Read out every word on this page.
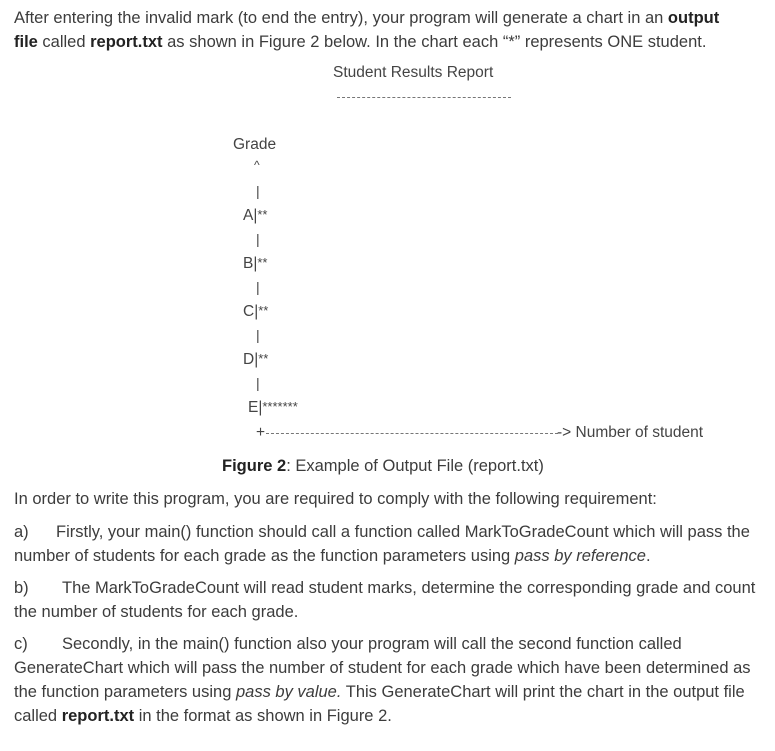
After entering the invalid mark (to end the entry), your program will generate a chart in an output
file called report.txt as shown in Figure 2 below. In the chart each “*” represents ONE student.
Student Results Report
Grade
^
|
A|**
|
B|**
|
C|**
|
D|**
|
E|*******
+	-> Number of student
Figure 2: Example of Output File (report.txt)
In order to write this program, you are required to comply with the following requirement:
a) Firstly, your main() function should call a function called MarkToGradeCount which will pass the number of students for each grade as the function parameters using pass by reference.
b) The MarkToGradeCount will read student marks, determine the corresponding grade and count the number of students for each grade.
c) Secondly, in the main() function also your program will call the second function called GenerateChart which will pass the number of student for each grade which have been determined as the function parameters using pass by value. This GenerateChart will print the chart in the output file called report.txt in the format as shown in Figure 2.
